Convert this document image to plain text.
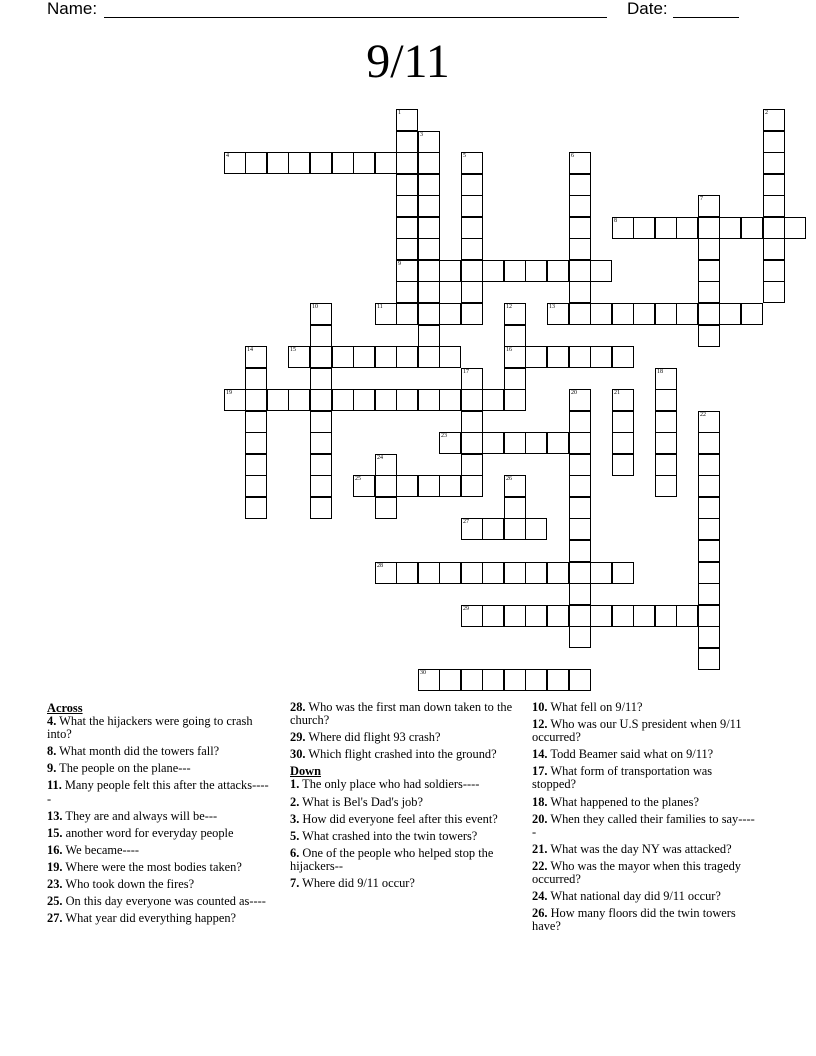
Name:	Date:
9/11
1
9
2
3
4	5	6
7
8
10	11	12
16
13
14	15
17	18
19	20	21
22
23
24
25	26
27
28
29
30
Across
4. What the hijackers were going to crash into?
8. What month did the towers fall?
9. The people on the plane---
11. Many people felt this after the attacks-----
13. They are and always will be---
15. another word for everyday people
16. We became----
19. Where were the most bodies taken?
23. Who took down the fires?
25. On this day everyone was counted as----
27. What year did everything happen?
28. Who was the first man down taken to the church?
29. Where did flight 93 crash?
30. Which flight crashed into the ground?
Down
1. The only place who had soldiers----
2. What is Bel's Dad's job?
3. How did everyone feel after this event?
5. What crashed into the twin towers?
6. One of the people who helped stop the hijackers--
7. Where did 9/11 occur?
10. What fell on 9/11?
12. Who was our U.S president when 9/11 occurred?
14. Todd Beamer said what on 9/11?
17. What form of transportation was stopped?
18. What happened to the planes?
20. When they called their families to say-----
21. What was the day NY was attacked?
22. Who was the mayor when this tragedy occurred?
24. What national day did 9/11 occur?
26. How many floors did the twin towers have?
